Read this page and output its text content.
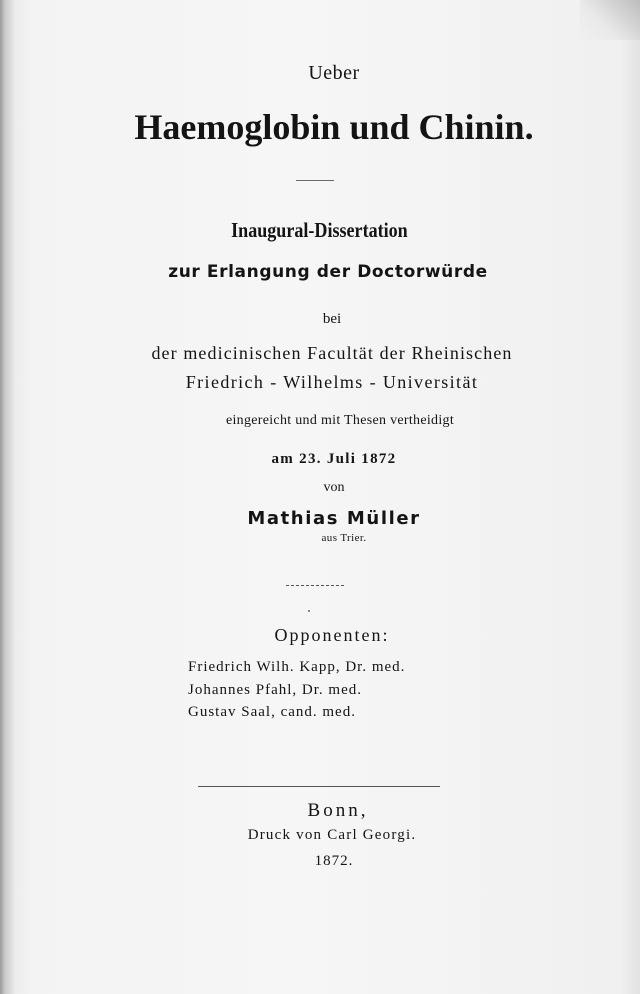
Ueber
Haemoglobin und Chinin.
Inaugural-Dissertation
zur Erlangung der Doctorwürde
bei
der medicinischen Facultät der Rheinischen
Friedrich - Wilhelms - Universität
eingereicht und mit Thesen vertheidigt
am 23. Juli 1872
von
Mathias Müller
aus Trier.
Opponenten:
Friedrich Wilh. Kapp, Dr. med.
Johannes Pfahl, Dr. med.
Gustav Saal, cand. med.
Bonn,
Druck von Carl Georgi.
1872.
